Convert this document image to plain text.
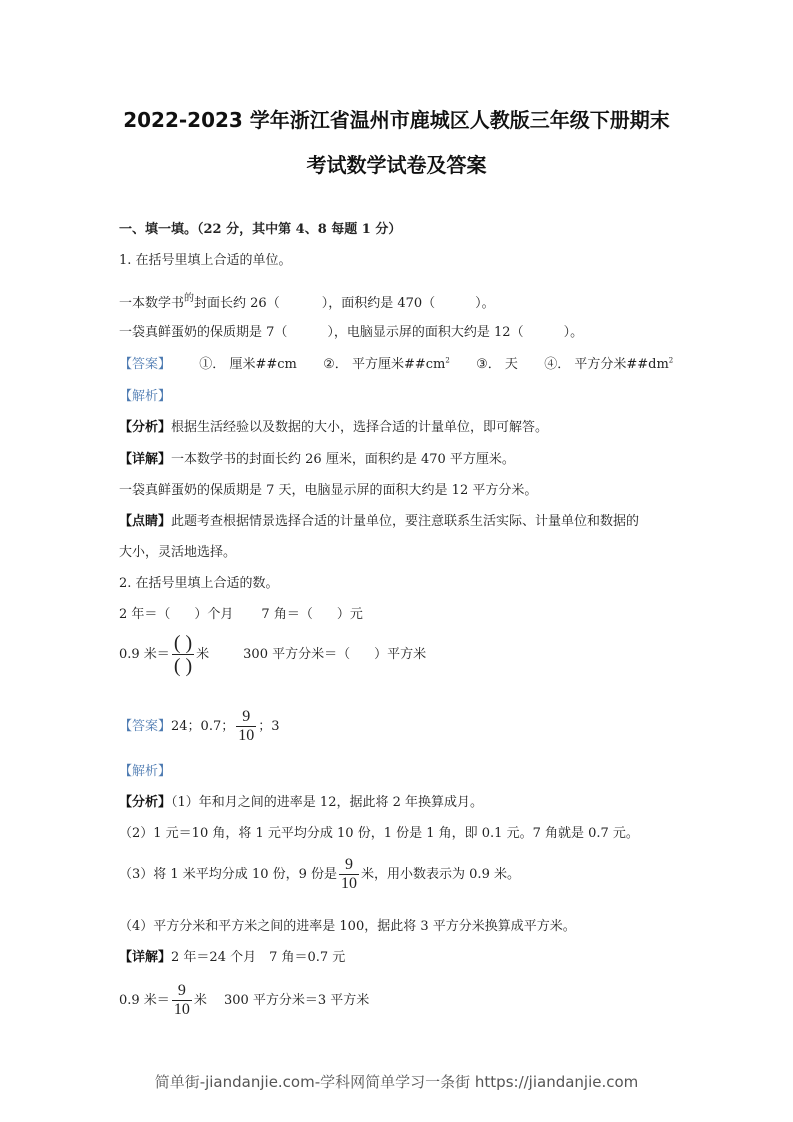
2022-2023 学年浙江省温州市鹿城区人教版三年级下册期末
考试数学试卷及答案
一、填一填。（22 分，其中第 4、8 每题 1 分）
1. 在括号里填上合适的单位。
一本数学书$^的$封面长约 26（	），面积约是 470（	）。
一袋真鲜蛋奶的保质期是 7（	），电脑显示屏的面积大约是 12（	）。
【答案】 ①． 厘米##cm ②． 平方厘米$\#\#cm^2$ ③． 天 ④． 平方分米$\#\#dm^2$
【解析】
【分析】根据生活经验以及数据的大小，选择合适的计量单位，即可解答。
【详解】一本数学书的封面长约 26 厘米，面积约是 470 平方厘米。
一袋真鲜蛋奶的保质期是 7 天，电脑显示屏的面积大约是 12 平方分米。
【点睛】此题考查根据情景选择合适的计量单位，要注意联系生活实际、计量单位和数据的
大小，灵活地选择。
2. 在括号里填上合适的数。
2 年＝（ ）个月 7 角＝（ ）元
0.9 米＝ $\frac{( )}{( )}$ 米	300 平方分米＝（ ）平方米
【答案】24；0.7； $\frac{9}{10}$ ；3
【解析】
【分析】（1）年和月之间的进率是 12，据此将 2 年换算成月。
（2）1 元＝10 角，将 1 元平均分成 10 份，1 份是 1 角，即 0.1 元。7 角就是 0.7 元。
（3）将 1 米平均分成 10 份，9 份是 $\frac{9}{10}$ 米，用小数表示为 0.9 米。
（4）平方分米和平方米之间的进率是 100，据此将 3 平方分米换算成平方米。
【详解】2 年＝24 个月　7 角＝0.7 元
0.9 米＝ $\frac{9}{10}$ 米　 300 平方分米＝3 平方米
简单街-jiandanjie.com-学科网简单学习一条街 https://jiandanjie.com
